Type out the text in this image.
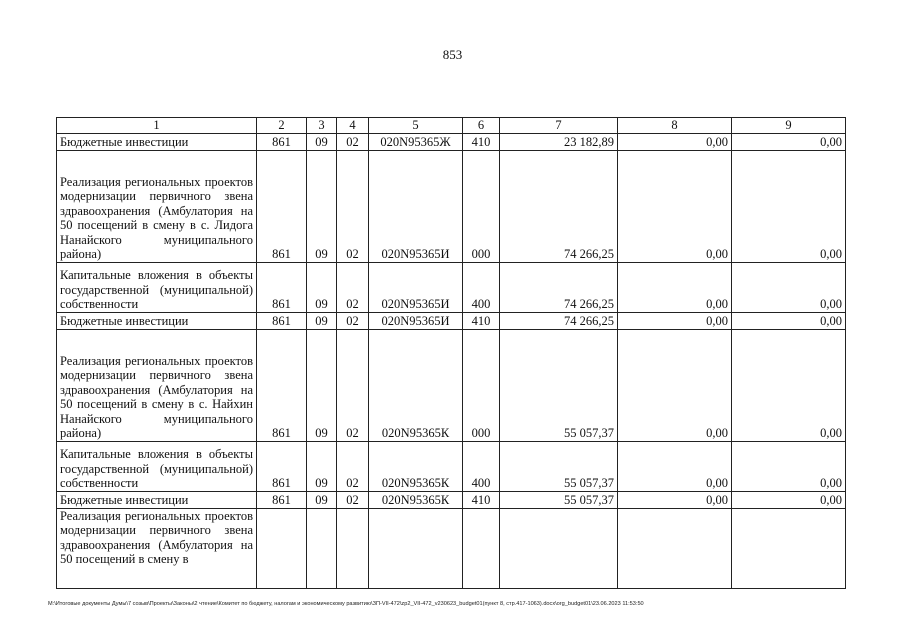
853
1	2	3	4	5	6	7	8	9
Бюджетные инвестиции	861	09	02	020N95365Ж	410	23 182,89	0,00	0,00
Реализация региональных проектов модернизации первичного звена здравоохранения (Амбулатория на 50 посещений в смену в с. Лидога Нанайского муниципального района)	861	09	02	020N95365И	000	74 266,25	0,00	0,00
Капитальные вложения в объекты государственной (муниципальной) собственности	861	09	02	020N95365И	400	74 266,25	0,00	0,00
Бюджетные инвестиции	861	09	02	020N95365И	410	74 266,25	0,00	0,00
Реализация региональных проектов модернизации первичного звена здравоохранения (Амбулатория на 50 посещений в смену в с. Найхин Нанайского муниципального района)	861	09	02	020N95365К	000	55 057,37	0,00	0,00
Капитальные вложения в объекты государственной (муниципальной) собственности	861	09	02	020N95365К	400	55 057,37	0,00	0,00
Бюджетные инвестиции	861	09	02	020N95365К	410	55 057,37	0,00	0,00
Реализация региональных проектов модернизации первичного звена здравоохранения (Амбулатория на 50 посещений в смену в								
M:\Итоговые документы Думы\7 созыв\Проекты\Законы\2 чтение\Комитет по бюджету, налогам и экономическому развитию\ЗП-VII-472\zp2_VII-472_v230623_budget01(пункт 8, стр.417-1063).docx\org_budget01\23.06.2023 11:53:50
